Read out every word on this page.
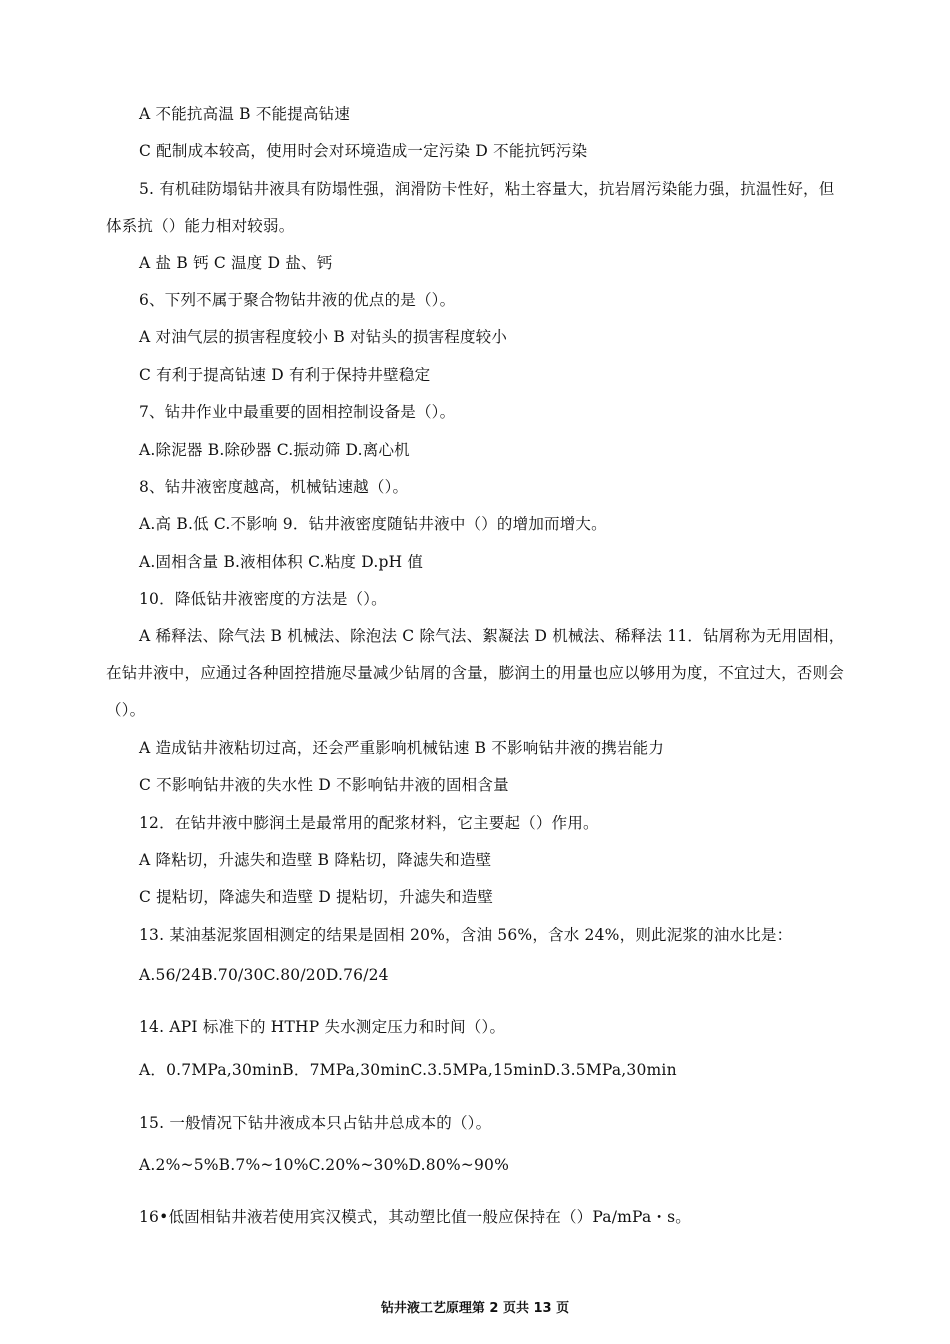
A 不能抗高温 B 不能提高钻速
C 配制成本较高，使用时会对环境造成一定污染 D 不能抗钙污染
5. 有机硅防塌钻井液具有防塌性强，润滑防卡性好，粘土容量大，抗岩屑污染能力强，抗温性好，但体系抗（）能力相对较弱。
A 盐 B 钙 C 温度 D 盐、钙
6、下列不属于聚合物钻井液的优点的是（）。
A 对油气层的损害程度较小 B 对钻头的损害程度较小
C 有利于提高钻速 D 有利于保持井壁稳定
7、钻井作业中最重要的固相控制设备是（）。
A.除泥器 B.除砂器 C.振动筛 D.离心机
8、钻井液密度越高，机械钻速越（）。
A.高 B.低 C.不影响 9．钻井液密度随钻井液中（）的增加而增大。
A.固相含量 B.液相体积 C.粘度 D.pH 值
10．降低钻井液密度的方法是（）。
A 稀释法、除气法 B 机械法、除泡法 C 除气法、絮凝法 D 机械法、稀释法 11．钻屑称为无用固相，在钻井液中，应通过各种固控措施尽量减少钻屑的含量，膨润土的用量也应以够用为度，不宜过大，否则会（）。
A 造成钻井液粘切过高，还会严重影响机械钻速 B 不影响钻井液的携岩能力
C 不影响钻井液的失水性 D 不影响钻井液的固相含量
12．在钻井液中膨润土是最常用的配浆材料，它主要起（）作用。
A 降粘切，升滤失和造壁 B 降粘切，降滤失和造壁
C 提粘切，降滤失和造壁 D 提粘切，升滤失和造壁
13. 某油基泥浆固相测定的结果是固相 20%，含油 56%，含水 24%，则此泥浆的油水比是：
A.56/24B.70/30C.80/20D.76/24
14. API 标准下的 HTHP 失水测定压力和时间（）。
A．0.7MPa,30minB．7MPa,30minC.3.5MPa,15minD.3.5MPa,30min
15. 一般情况下钻井液成本只占钻井总成本的（）。
A.2%~5%B.7%~10%C.20%~30%D.80%~90%
16•低固相钻井液若使用宾汉模式，其动塑比值一般应保持在（）Pa/mPa・s。
钻井液工艺原理第 2 页共 13 页
